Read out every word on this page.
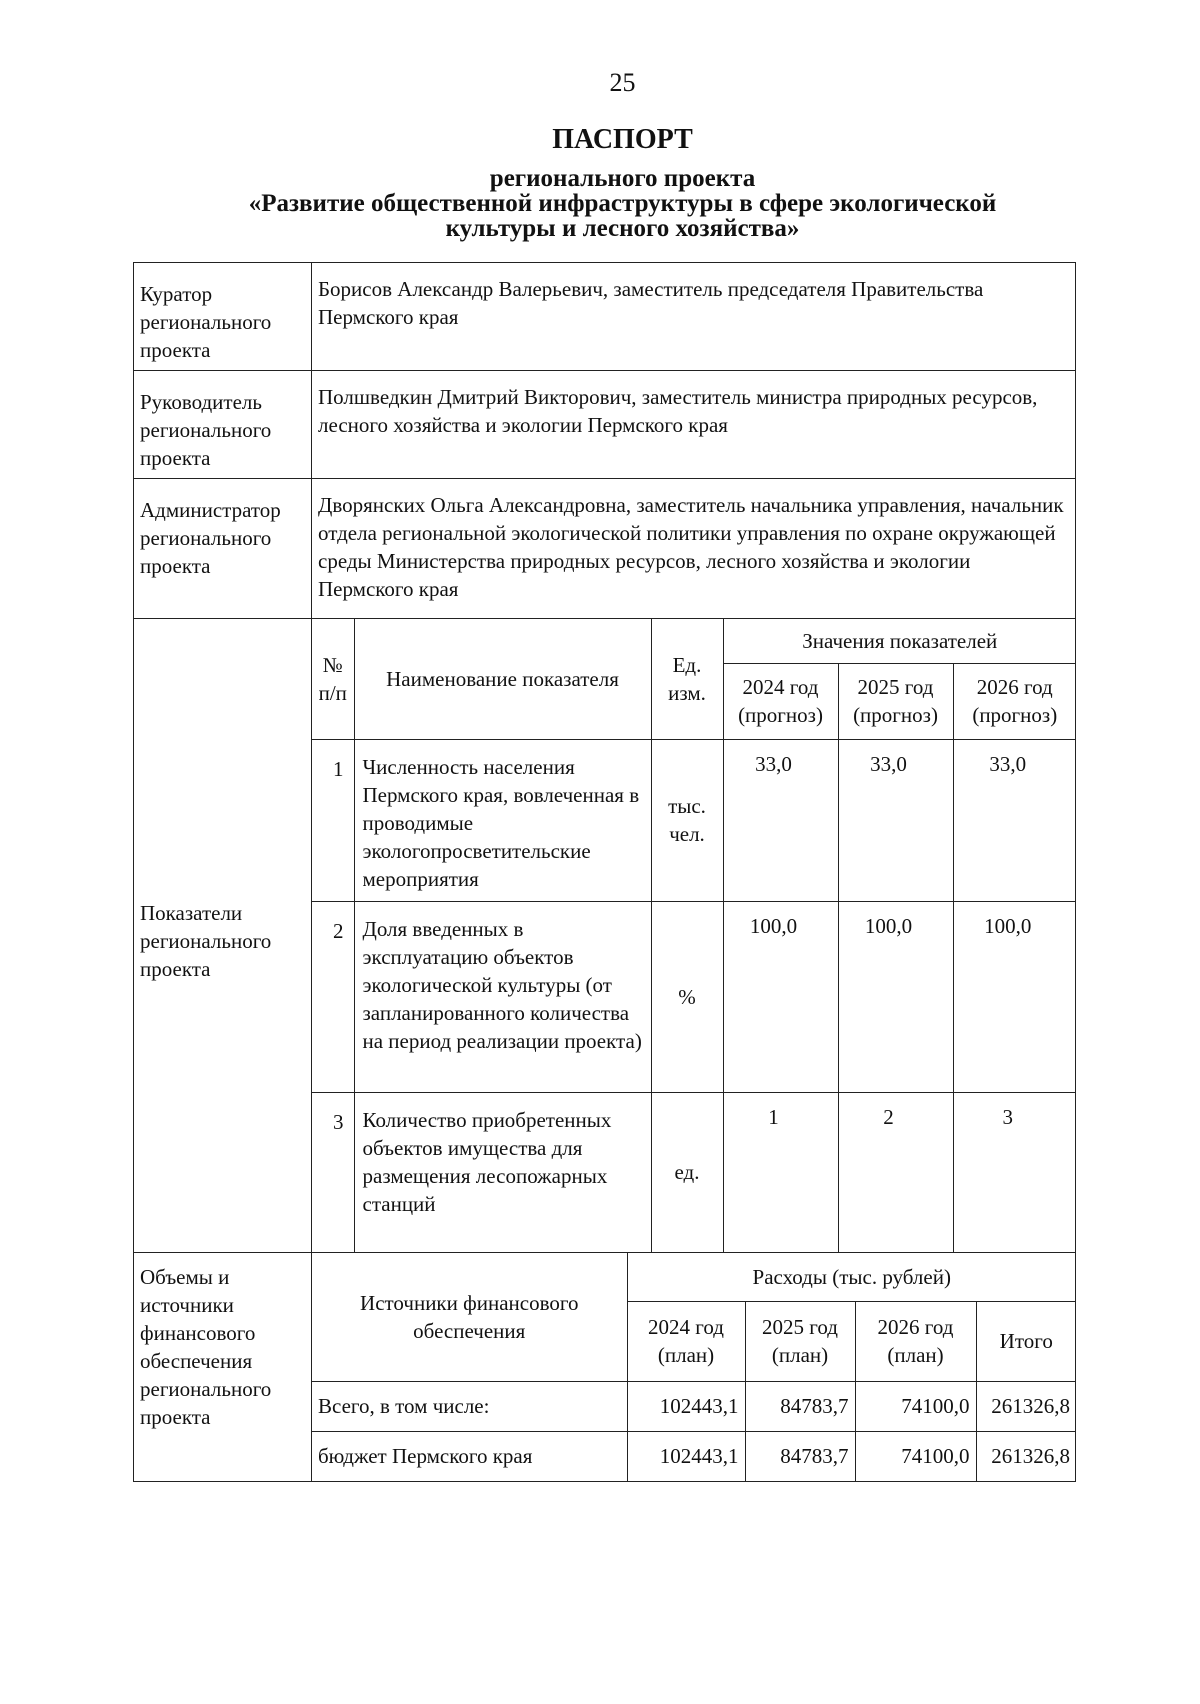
25
ПАСПОРТ
регионального проекта
«Развитие общественной инфраструктуры в сфере экологической
культуры и лесного хозяйства»
Куратор регионального проекта	Борисов Александр Валерьевич, заместитель председателя Правительства Пермского края
Руководитель регионального проекта	Полшведкин Дмитрий Викторович, заместитель министра природных ресурсов, лесного хозяйства и экологии Пермского края
Администратор регионального проекта	Дворянских Ольга Александровна, заместитель начальника управления, начальник отдела региональной экологической политики управления по охране окружающей среды Министерства природных ресурсов, лесного хозяйства и экологии Пермского края
Показатели регионального проекта	
№ п/п	Наименование показателя	Ед. изм.	Значения показателей
2024 год (прогноз)	2025 год (прогноз)	2026 год (прогноз)
1	Численность населения Пермского края, вовлеченная в проводимые экологопросветительские мероприятия	тыс. чел.	33,0	33,0	33,0
2	Доля введенных в эксплуатацию объектов экологической культуры (от запланированного количества на период реализации проекта)	%	100,0	100,0	100,0
3	Количество приобретенных объектов имущества для размещения лесопожарных станций	ед.	1	2	3

Объемы и источники финансового обеспечения регионального проекта	
Источники финансового обеспечения	Расходы (тыс. рублей)
2024 год (план)	2025 год (план)	2026 год (план)	Итого
Всего, в том числе:	102443,1	84783,7	74100,0	261326,8
бюджет Пермского края	102443,1	84783,7	74100,0	261326,8
